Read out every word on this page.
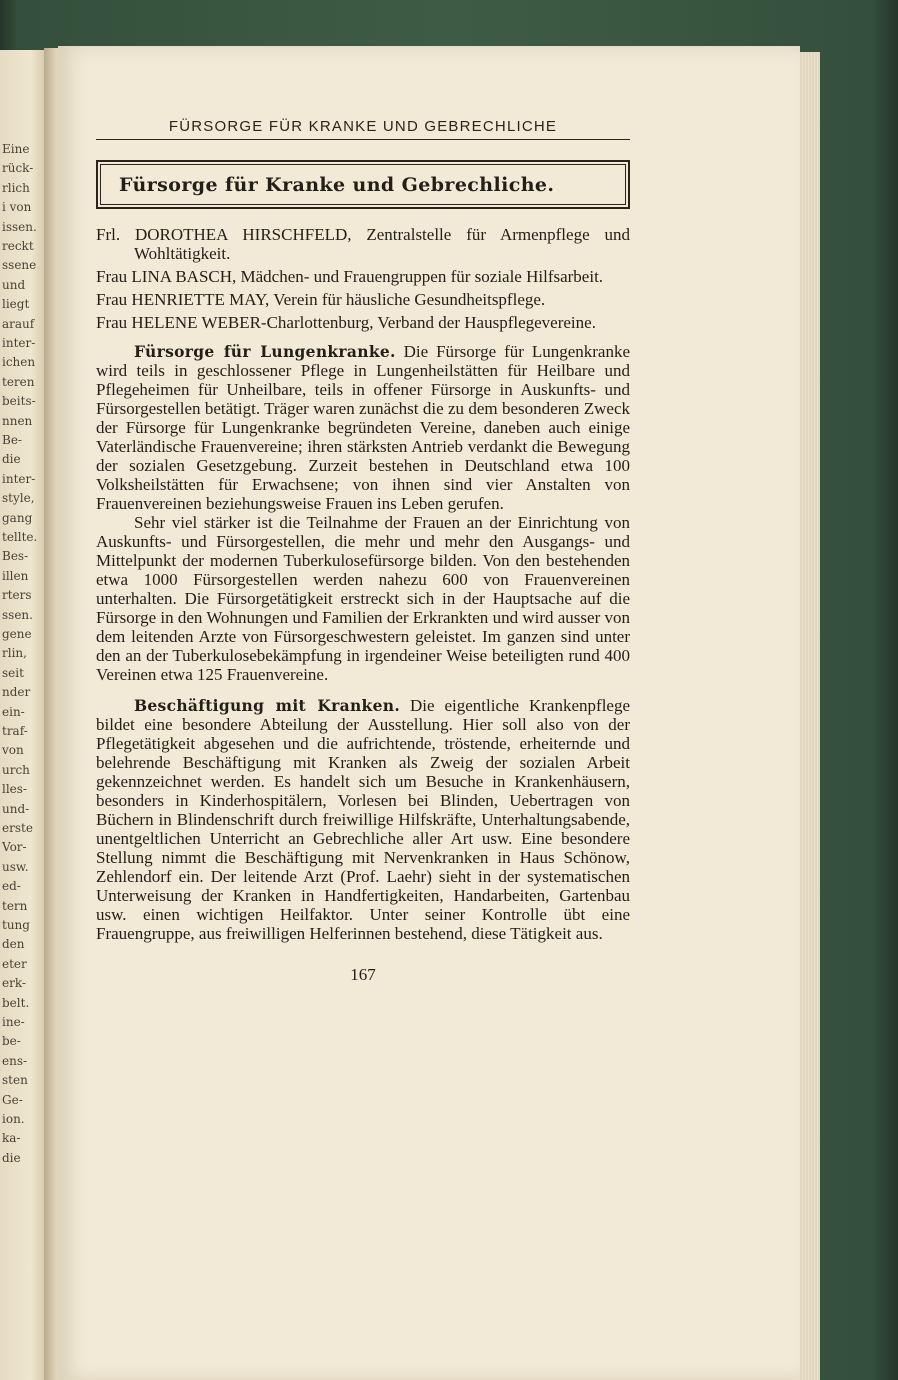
Eine
rück-
rlich
i von
issen.
reckt
ssene
und
liegt
arauf
inter-
ichen
teren
beits-
nnen
Be-
die
inter-
style,
gang
tellte.
Bes-
illen
rters
ssen.
gene
rlin,
seit
nder
ein-
traf-
von
urch
lles-
und-
erste
Vor-
usw.
ed-
tern
tung
den
eter
erk-
belt.
ine-
be-
ens-
sten
Ge-
ion.
ka-
die
FÜRSORGE FÜR KRANKE UND GEBRECHLICHE
Fürsorge für Kranke und Gebrechliche.
Frl. DOROTHEA HIRSCHFELD, Zentralstelle für Armenpflege und Wohltätigkeit.
Frau LINA BASCH, Mädchen- und Frauengruppen für soziale Hilfsarbeit.
Frau HENRIETTE MAY, Verein für häusliche Gesundheitspflege.
Frau HELENE WEBER-Charlottenburg, Verband der Hauspflegevereine.

Fürsorge für Lungenkranke. Die Fürsorge für Lungenkranke wird teils in geschlossener Pflege in Lungenheilstätten für Heilbare und Pflegeheimen für Unheilbare, teils in offener Fürsorge in Auskunfts- und Fürsorgestellen betätigt. Träger waren zunächst die zu dem besonderen Zweck der Fürsorge für Lungenkranke begründeten Vereine, daneben auch einige Vaterländische Frauenvereine; ihren stärksten Antrieb verdankt die Bewegung der sozialen Gesetzgebung. Zurzeit bestehen in Deutschland etwa 100 Volksheilstätten für Erwachsene; von ihnen sind vier Anstalten von Frauenvereinen beziehungsweise Frauen ins Leben gerufen.

Sehr viel stärker ist die Teilnahme der Frauen an der Einrichtung von Auskunfts- und Fürsorgestellen, die mehr und mehr den Ausgangs- und Mittelpunkt der modernen Tuberkulosefürsorge bilden. Von den bestehenden etwa 1000 Fürsorgestellen werden nahezu 600 von Frauenvereinen unterhalten. Die Fürsorgetätigkeit erstreckt sich in der Hauptsache auf die Fürsorge in den Wohnungen und Familien der Erkrankten und wird ausser von dem leitenden Arzte von Fürsorgeschwestern geleistet. Im ganzen sind unter den an der Tuberkulosebekämpfung in irgendeiner Weise beteiligten rund 400 Vereinen etwa 125 Frauenvereine.

Beschäftigung mit Kranken. Die eigentliche Krankenpflege bildet eine besondere Abteilung der Ausstellung. Hier soll also von der Pflegetätigkeit abgesehen und die aufrichtende, tröstende, erheiternde und belehrende Beschäftigung mit Kranken als Zweig der sozialen Arbeit gekennzeichnet werden. Es handelt sich um Besuche in Krankenhäusern, besonders in Kinderhospitälern, Vorlesen bei Blinden, Uebertragen von Büchern in Blindenschrift durch freiwillige Hilfskräfte, Unterhaltungsabende, unentgeltlichen Unterricht an Gebrechliche aller Art usw. Eine besondere Stellung nimmt die Beschäftigung mit Nervenkranken in Haus Schönow, Zehlendorf ein. Der leitende Arzt (Prof. Laehr) sieht in der systematischen Unterweisung der Kranken in Handfertigkeiten, Handarbeiten, Gartenbau usw. einen wichtigen Heilfaktor. Unter seiner Kontrolle übt eine Frauengruppe, aus freiwilligen Helferinnen bestehend, diese Tätigkeit aus.

167
